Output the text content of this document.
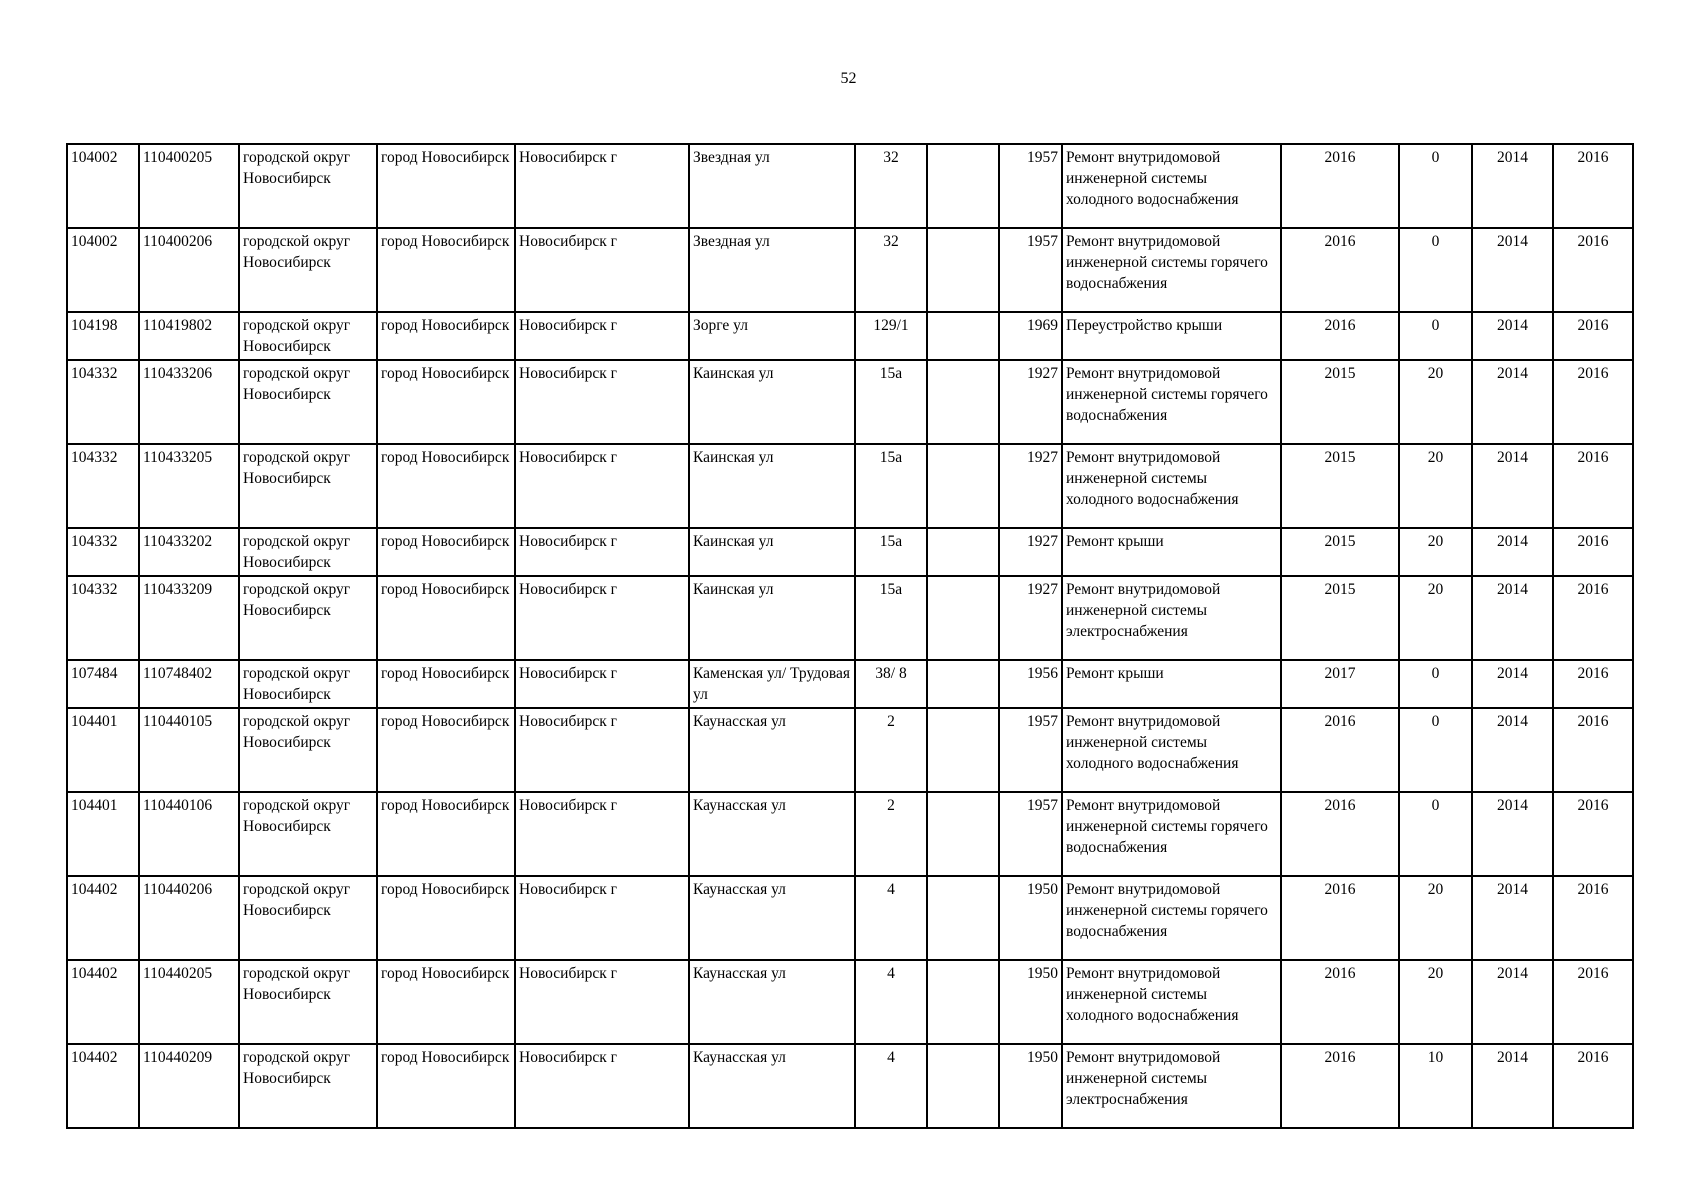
52
104002	110400205	городской округ Новосибирск	город Новосибирск	Новосибирск г	Звездная ул	32		1957	Ремонт внутридомовой инженерной системы холодного водоснабжения	2016	0	2014	2016

104002	110400206	городской округ Новосибирск	город Новосибирск	Новосибирск г	Звездная ул	32		1957	Ремонт внутридомовой инженерной системы горячего водоснабжения	2016	0	2014	2016

104198	110419802	городской округ Новосибирск	город Новосибирск	Новосибирск г	Зорге ул	129/1		1969	Переустройство крыши	2016	0	2014	2016

104332	110433206	городской округ Новосибирск	город Новосибирск	Новосибирск г	Каинская ул	15а		1927	Ремонт внутридомовой инженерной системы горячего водоснабжения	2015	20	2014	2016

104332	110433205	городской округ Новосибирск	город Новосибирск	Новосибирск г	Каинская ул	15а		1927	Ремонт внутридомовой инженерной системы холодного водоснабжения	2015	20	2014	2016

104332	110433202	городской округ Новосибирск	город Новосибирск	Новосибирск г	Каинская ул	15а		1927	Ремонт крыши	2015	20	2014	2016

104332	110433209	городской округ Новосибирск	город Новосибирск	Новосибирск г	Каинская ул	15а		1927	Ремонт внутридомовой инженерной системы электроснабжения	2015	20	2014	2016

107484	110748402	городской округ Новосибирск	город Новосибирск	Новосибирск г	Каменская ул/ Трудовая ул	38/ 8		1956	Ремонт крыши	2017	0	2014	2016

104401	110440105	городской округ Новосибирск	город Новосибирск	Новосибирск г	Каунасская ул	2		1957	Ремонт внутридомовой инженерной системы холодного водоснабжения	2016	0	2014	2016

104401	110440106	городской округ Новосибирск	город Новосибирск	Новосибирск г	Каунасская ул	2		1957	Ремонт внутридомовой инженерной системы горячего водоснабжения	2016	0	2014	2016

104402	110440206	городской округ Новосибирск	город Новосибирск	Новосибирск г	Каунасская ул	4		1950	Ремонт внутридомовой инженерной системы горячего водоснабжения	2016	20	2014	2016

104402	110440205	городской округ Новосибирск	город Новосибирск	Новосибирск г	Каунасская ул	4		1950	Ремонт внутридомовой инженерной системы холодного водоснабжения	2016	20	2014	2016

104402	110440209	городской округ Новосибирск	город Новосибирск	Новосибирск г	Каунасская ул	4		1950	Ремонт внутридомовой инженерной системы электроснабжения	2016	10	2014	2016
